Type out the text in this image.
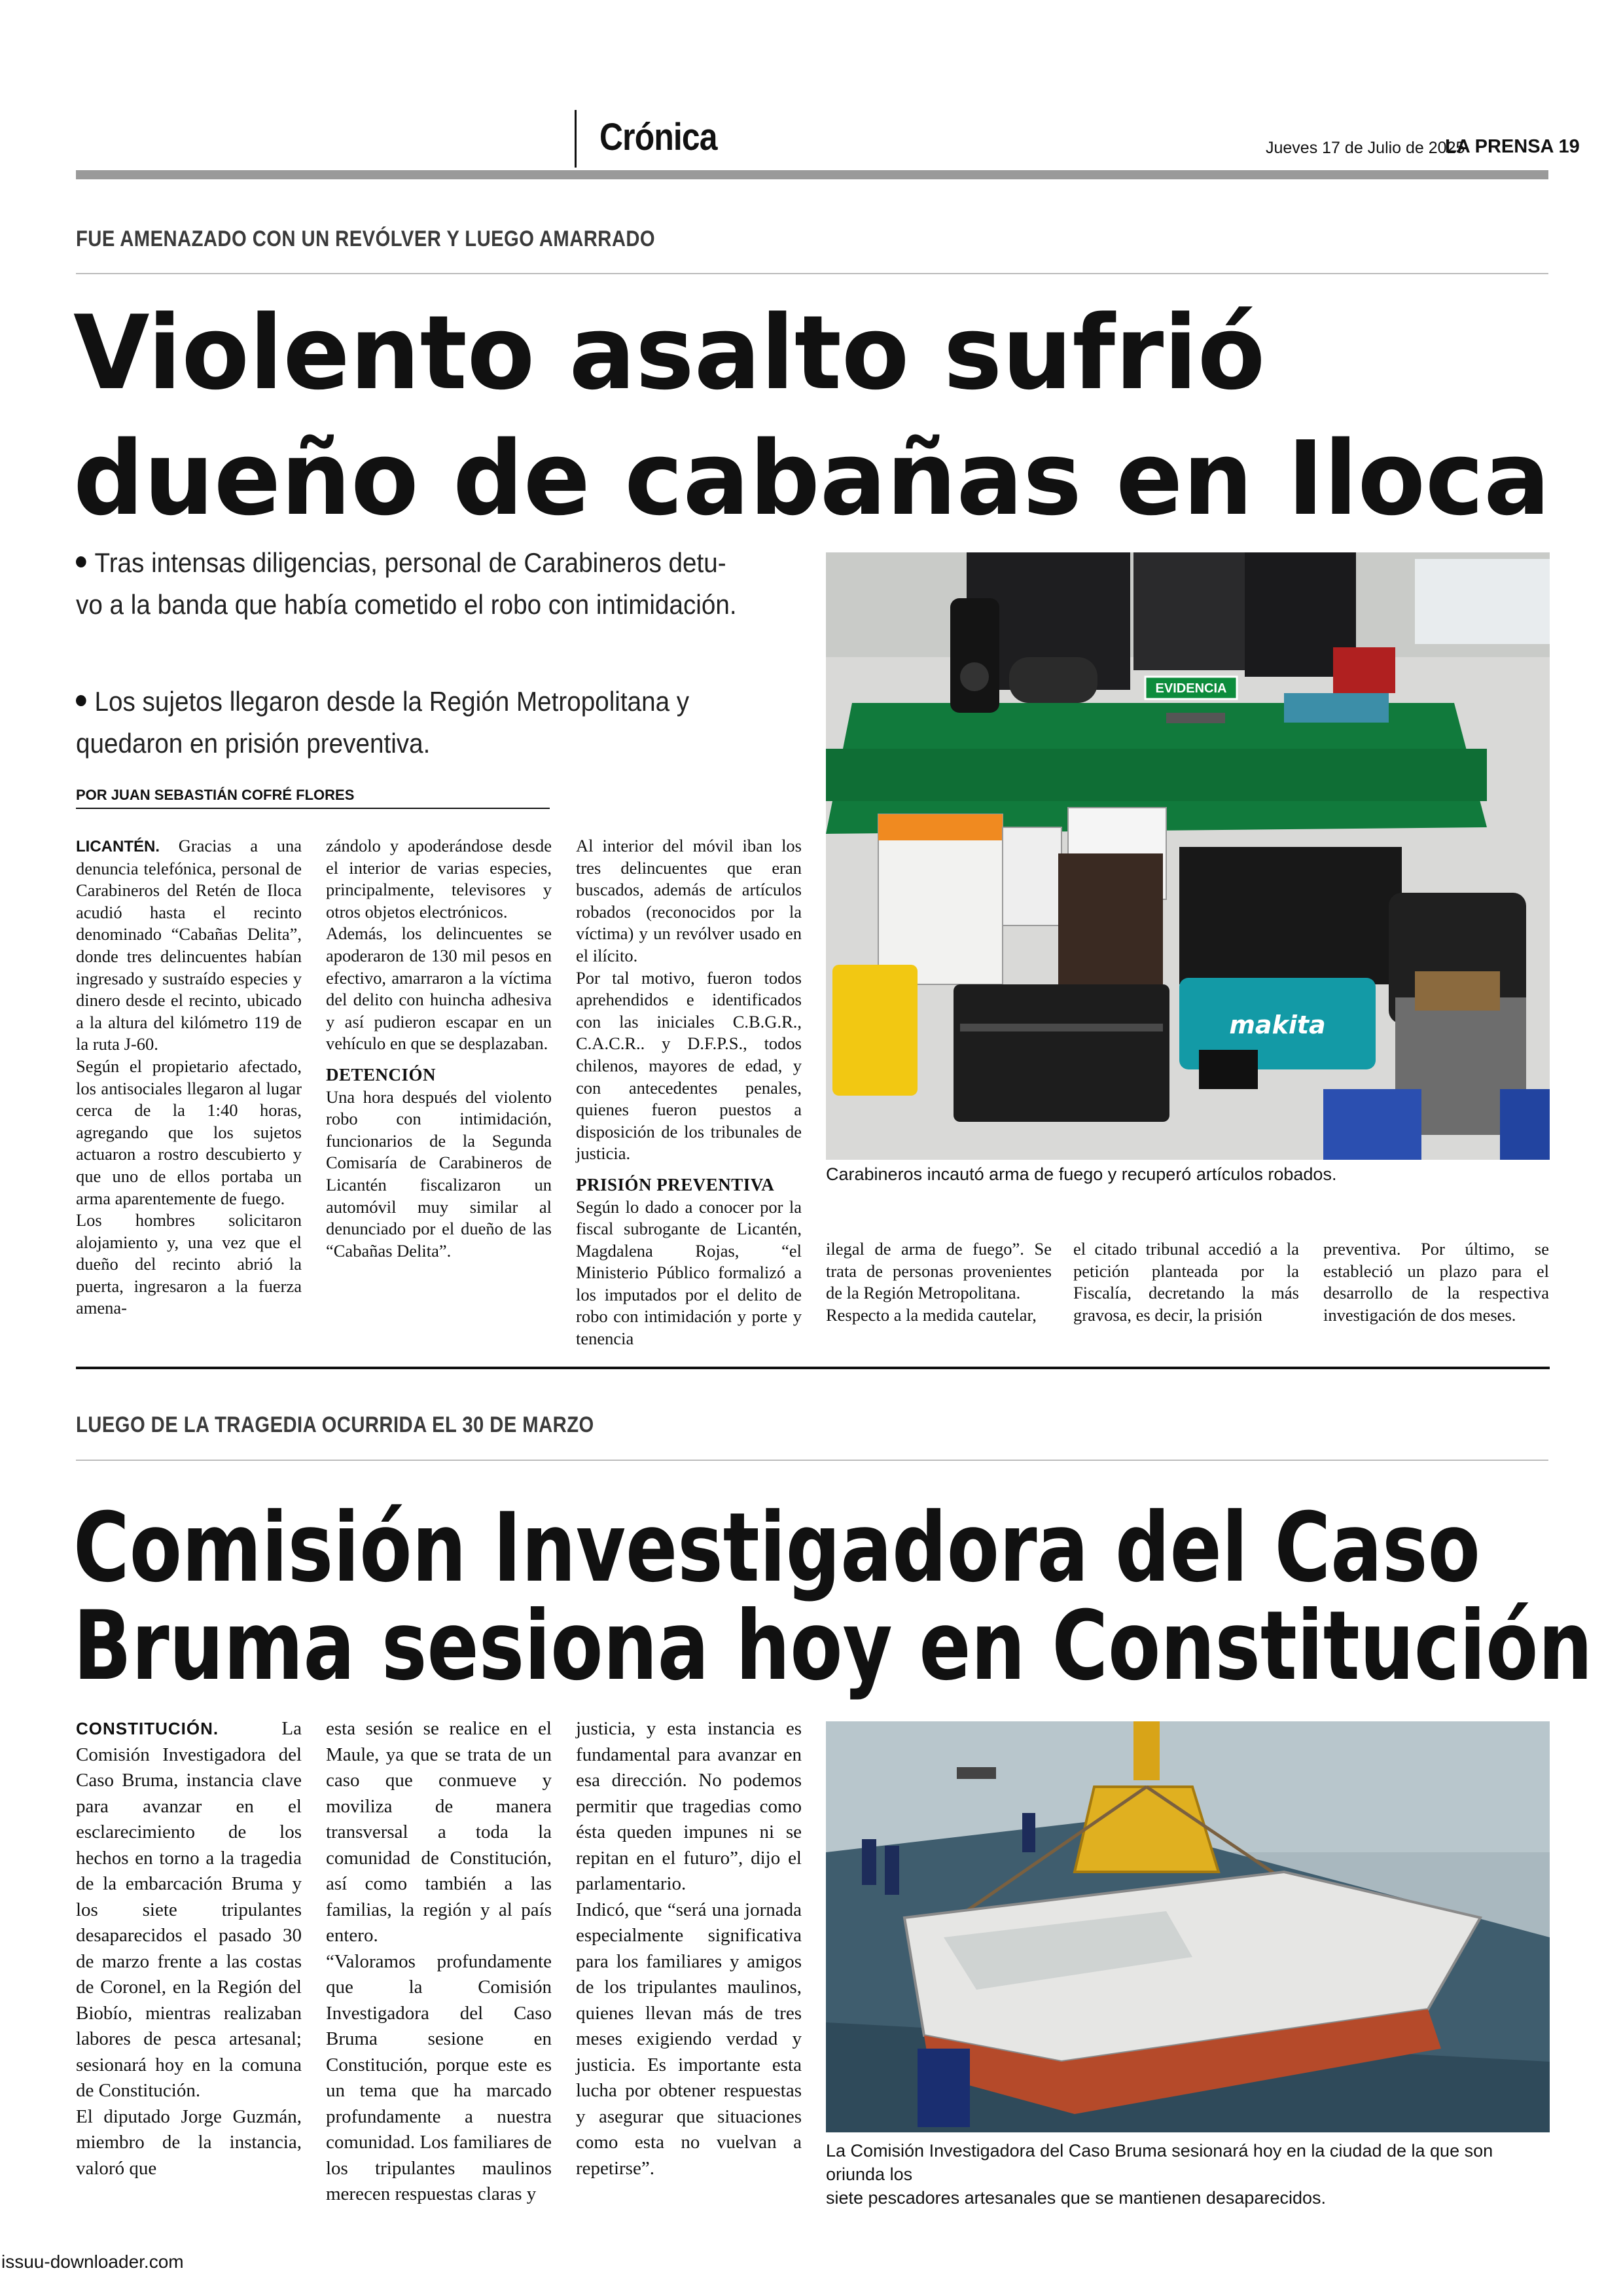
Crónica	Jueves 17 de Julio de 2025
LA PRENSA 19
FUE AMENAZADO CON UN REVÓLVER Y LUEGO AMARRADO
Violento asalto sufrió
dueño de cabañas en Iloca
Tras intensas diligencias, personal de Carabineros detu-
vo a la banda que había cometido el robo con intimidación.
Los sujetos llegaron desde la Región Metropolitana y
quedaron en prisión preventiva.
POR JUAN SEBASTIÁN COFRÉ FLORES

LICANTÉN. Gracias a una denuncia telefónica, personal de Carabineros del Retén de Iloca acudió hasta el recinto denominado “Cabañas Delita”, donde tres delincuentes habían ingresado y sustraído especies y dinero desde el recinto, ubicado a la altura del kilómetro 119 de la ruta J-60.

Según el propietario afectado, los antisociales llegaron al lugar cerca de la 1:40 horas, agregando que los sujetos actuaron a rostro descubierto y que uno de ellos portaba un arma aparentemente de fuego.

Los hombres solicitaron alojamiento y, una vez que el dueño del recinto abrió la puerta, ingresaron a la fuerza amena-

zándolo y apoderándose desde el interior de varias especies, principalmente, televisores y otros objetos electrónicos.

Además, los delincuentes se apoderaron de 130 mil pesos en efectivo, amarraron a la víctima del delito con huincha adhesiva y así pudieron escapar en un vehículo en que se desplazaban.

DETENCIÓN

Una hora después del violento robo con intimidación, funcionarios de la Segunda Comisaría de Carabineros de Licantén fiscalizaron un automóvil muy similar al denunciado por el dueño de las “Cabañas Delita”.

Al interior del móvil iban los tres delincuentes que eran buscados, además de artículos robados (reconocidos por la víctima) y un revólver usado en el ilícito.

Por tal motivo, fueron todos aprehendidos e identificados con las iniciales C.B.G.R., C.A.C.R.. y D.F.P.S., todos chilenos, mayores de edad, y con antecedentes penales, quienes fueron puestos a disposición de los tribunales de justicia.

PRISIÓN PREVENTIVA

Según lo dado a conocer por la fiscal subrogante de Licantén, Magdalena Rojas, “el Ministerio Público formalizó a los imputados por el delito de robo con intimidación y porte y tenencia

ilegal de arma de fuego”. Se trata de personas provenientes de la Región Metropolitana.

Respecto a la medida cautelar,

el citado tribunal accedió a la petición planteada por la Fiscalía, decretando la más gravosa, es decir, la prisión

preventiva. Por último, se estableció un plazo para el desarrollo de la respectiva investigación de dos meses.

EVIDENCIA
makita
Carabineros incautó arma de fuego y recuperó artículos robados.
LUEGO DE LA TRAGEDIA OCURRIDA EL 30 DE MARZO
Comisión Investigadora del Caso
Bruma sesiona hoy en Constitución

CONSTITUCIÓN.	La Comisión Investigadora del Caso Bruma, instancia clave para avanzar en el esclarecimiento de los hechos en torno a la tragedia de la embarcación Bruma y los siete tripulantes desaparecidos el pasado 30 de marzo frente a las costas de Coronel, en la Región del Biobío, mientras realizaban labores de pesca artesanal; sesionará hoy en la comuna de Constitución.

El diputado Jorge Guzmán, miembro de la instancia, valoró que

esta sesión se realice en el Maule, ya que se trata de un caso que conmueve y moviliza de manera transversal a toda la comunidad de Constitución, así como también a las familias, la región y al país entero.

“Valoramos profundamente que la Comisión Investigadora del Caso Bruma sesione en Constitución, porque este es un tema que ha marcado profundamente a nuestra comunidad. Los familiares de los tripulantes maulinos merecen respuestas claras y

justicia, y esta instancia es fundamental para avanzar en esa dirección. No podemos permitir que tragedias como ésta queden impunes ni se repitan en el futuro”, dijo el parlamentario.

Indicó, que “será una jornada especialmente significativa para los familiares y amigos de los tripulantes maulinos, quienes llevan más de tres meses exigiendo verdad y justicia. Es importante esta lucha por obtener respuestas y asegurar que situaciones como esta no vuelvan a repetirse”.

La Comisión Investigadora del Caso Bruma sesionará hoy en la ciudad de la que son oriunda los
siete pescadores artesanales que se mantienen desaparecidos.
issuu-downloader.com
